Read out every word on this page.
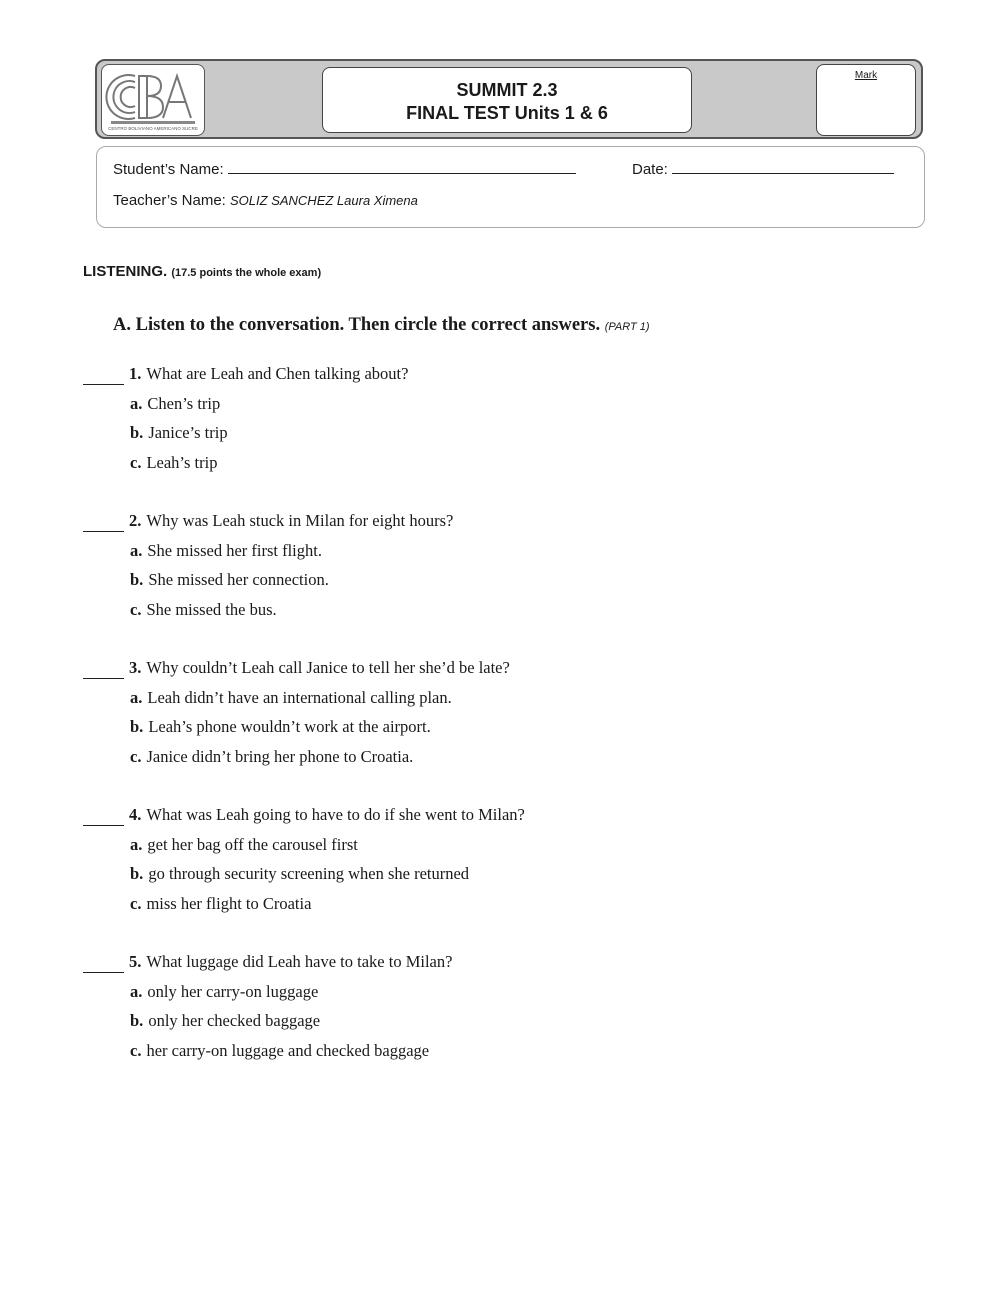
CENTRO BOLIVIANO AMERICANO SUCRE
SUMMIT 2.3
FINAL TEST Units 1 & 6
Mark
Student’s Name:	Date:
Teacher’s Name: SOLIZ SANCHEZ Laura Ximena
LISTENING. (17.5 points the whole exam)
A. Listen to the conversation. Then circle the correct answers. (PART 1)
1. What are Leah and Chen talking about?
a. Chen’s trip
b. Janice’s trip
c. Leah’s trip
2. Why was Leah stuck in Milan for eight hours?
a. She missed her first flight.
b. She missed her connection.
c. She missed the bus.
3. Why couldn’t Leah call Janice to tell her she’d be late?
a. Leah didn’t have an international calling plan.
b. Leah’s phone wouldn’t work at the airport.
c. Janice didn’t bring her phone to Croatia.
4. What was Leah going to have to do if she went to Milan?
a. get her bag off the carousel first
b. go through security screening when she returned
c. miss her flight to Croatia
5. What luggage did Leah have to take to Milan?
a. only her carry-on luggage
b. only her checked baggage
c. her carry-on luggage and checked baggage
